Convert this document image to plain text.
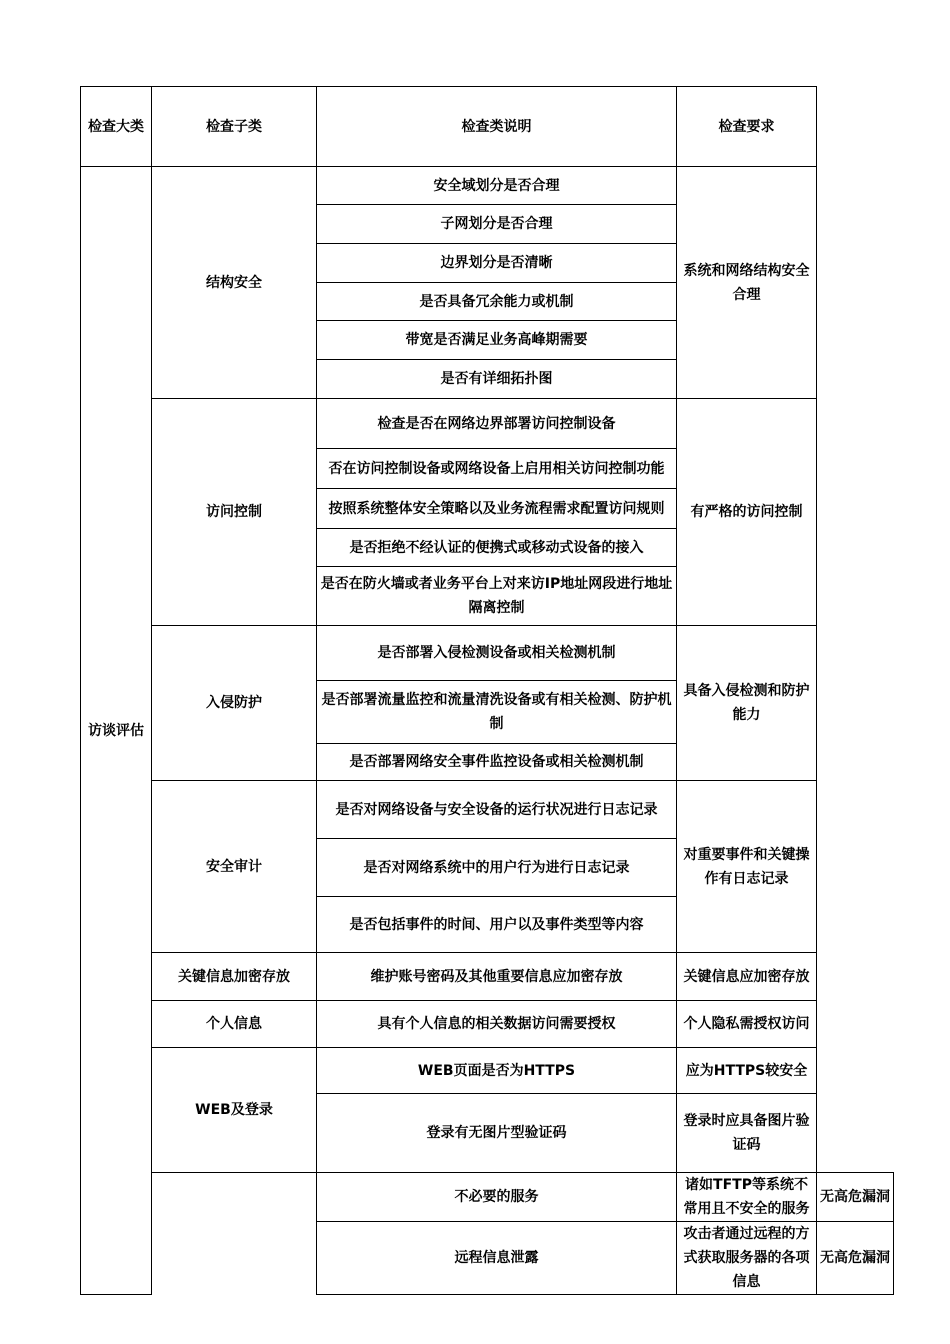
检查大类	检查子类	检查类说明	检查要求	
访谈评估	结构安全	安全域划分是否合理	系统和网络结构安全合理	
		子网划分是否合理		
		边界划分是否清晰		
		是否具备冗余能力或机制		
		带宽是否满足业务高峰期需要		
		是否有详细拓扑图		
	访问控制	检查是否在网络边界部署访问控制设备	有严格的访问控制	
		否在访问控制设备或网络设备上启用相关访问控制功能		
		按照系统整体安全策略以及业务流程需求配置访问规则		
		是否拒绝不经认证的便携式或移动式设备的接入		
		是否在防火墙或者业务平台上对来访IP地址网段进行地址隔离控制		
	入侵防护	是否部署入侵检测设备或相关检测机制	具备入侵检测和防护能力	
		是否部署流量监控和流量清洗设备或有相关检测、防护机制		
		是否部署网络安全事件监控设备或相关检测机制		
	安全审计	是否对网络设备与安全设备的运行状况进行日志记录	对重要事件和关键操作有日志记录	
		是否对网络系统中的用户行为进行日志记录		
		是否包括事件的时间、用户以及事件类型等内容		
	关键信息加密存放	维护账号密码及其他重要信息应加密存放	关键信息应加密存放	
	个人信息	具有个人信息的相关数据访问需要授权	个人隐私需授权访问	
	WEB及登录	WEB页面是否为HTTPS	应为HTTPS较安全	
		登录有无图片型验证码	登录时应具备图片验证码	
		不必要的服务	诸如TFTP等系统不常用且不安全的服务	无高危漏洞
		远程信息泄露	攻击者通过远程的方式获取服务器的各项信息	无高危漏洞
